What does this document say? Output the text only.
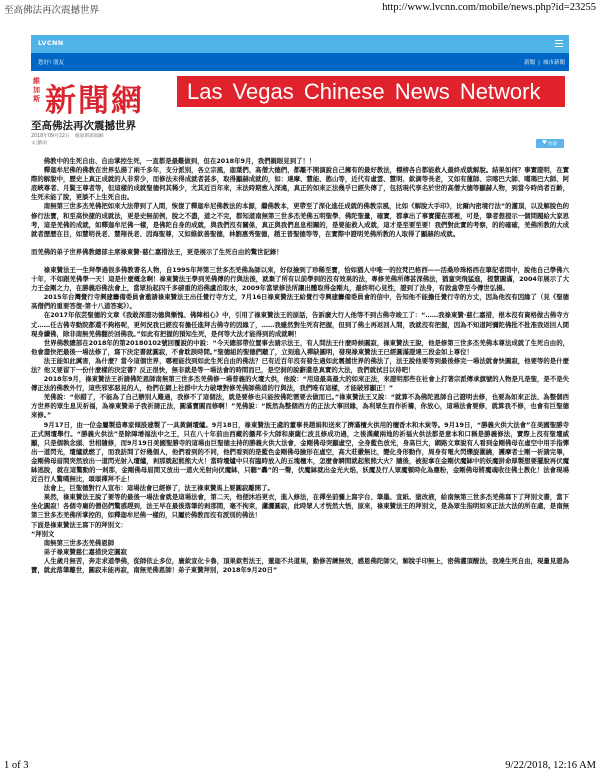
至高佛法再次震撼世界	http://www.lvcnn.com/mobile/news.php?id=23255
LVCNN
您好! 朋友	新聞 | 城市新聞
維加斯 新聞網 Las Vegas Chinese News Network
至高佛法再次震撼世界
2018年09月22日 維加斯新聞網
文:劉雨	♥ 收藏

佛教中的生死自由、自由掌控生死，一直都是最難做到，但在2018年9月，我們親眼見到了！！

釋迦牟尼佛的佛教在世界弘揚了兩千多年，支分派別，各立宗風，迦葉們、高僧大德們，都離不開演說自己擁有的最好教法，標榜各自都能救人最終成就解脫。結果如何？事實證明，在實際的解脫中，歷史上真正成就的人非常少，而修法未得成就者甚多，取得顯赫成就的，如：達摩、慧能、憨山等，近代有虛雲、慧明、欽滴等長老，又如有蓮師、宗喀巴大師、噶瑪巴大師、阿底峽尊者、月賢王尊者等，但這樣的成就聖德何其稀少，尤其近百年來，末法時期愈入深遠，真正的如來正法幾乎已經失傳了，包括現代享名於世的高僧大德等顯赫人物，到當今時尚者百齡，生死未能了脫，更談不上生死自由。

南無第三世多杰羌佛把如來大法帶到了人間，恢復了釋迦牟尼佛教法的本源，繼佛教本，更帶至了深化進任成就的佛教宗風，比如《解脫大手印》，比爾內密境行法”的灌頂，以及解脫色的修行法寶，和至高快捷的成就法，更是史無前例，脫之不盡，道之不完，都知道南無第三世多杰羌佛五明聖學、佛陀聖量，確實，都拿出了事實擺在那裡，可是，筆者想提示一個問題給大家思考，這是羌佛的成就，如釋迦牟尼佛一樣，是佛陀自身的成就，與我們沒有關係，真正與我們息息相關的，是要能救人成就，這才是至要至要！我們對此實的考察，的的確確，羌佛所教的大成就者歷歷在目，如慧明長老、慧翔長老、因海聖尊，又如維欽善聖德，林劉惠秀聖德，趙王普聖德等等，在實際中證明羌佛所教的人取得了顯赫的成就。

而羌佛的弟子世界佛教總部主席祿東贊·慈仁嘉措法王，更是展示了生死自由的驚世記錄！

祿東贊法王一生拜學過很多佛教著名人物，自1995年拜第三世多杰羌佛為師以來，好似撿到了珍稀至寶，恰如猶人中唯一的拉梵巴格西——活桑珍珠格西在筆記者問中，說他自己學佛六十年，不如跟羌佛學一天！這是什麼概念啊！祿東贊法王學到羌佛傳的行與法後，就棄了所有以前學到的沒有效果的法，專修羌佛所傳甚深佛法，猶童突飛猛進，提慧圓滿，2004年展示了大力王金剛之力，在勝義浴佛法會上，當眾抬起四千多磅重的浴佛盧泊取水，2009年當眾修法所讓出體取得金剛丸，最終明心見性，證到了法身，有敘盒帶至今傳世弘揚。

2015年台灣覺行寺興建籌備委員會邀請祿東贊法王出任覺行寺方丈，7月16日祿東贊法王給覺行寺興建籌備委員會的信中，告知他不能擔任覺行寺的方丈，因為他沒有因緣了（見《聖德高僧們的重要答復-第十八道答案》）。

在2017年依芸聖德的文章《我敢深證功德與慚愧、佛陣相心》中，引用了祿東贊法王的原話，告訴廣大行人他等不到古佛寺竣工了：“……我祿東贊·慈仁嘉措，根本沒有資格做古佛寺方丈……任古佛寺動院都還不夠格呢，更何況我已經沒有擔任進拜古佛寺的因緣了，……我雖然對生死有把握，但到了佛土再返回人間，我就沒有把握，因為不知道阿彌陀佛批不批准我返回人間現身續佛，除非南無羌佛翻於回佛我。”如此有把握的預知生死，是何等大法才能得到的成就啊！

世界佛教總部在2018年的第20180102號回覆說的中說：“今天總部帶位置事去請示法王，有人問法王什麼時候圓寂，祿東贊法王說，他是修第三世多杰羌佛本尊法成就了生死自由的，他會盡快把最後一場法修了，寫下決定書就圓寂，不會耽誤時間。”聖德組的聖德們聽了，立刻進入禪缺圓明，發現祿東贊法王已經圓滿證達三段金如上尊位！

法王能如此厲害，為什麼？當今這個世界，哪裡能找到如此生死自由的佛法？已有近百年沒有發生過如此震撼世界的佛法了，法王說他要等到最後修完一場法就會快圓寂，他要等的是什麼法？他又要留下一份什麼樣的決定書？反正很快，無非就是等一場法會的時間而已，是空洞的說辭還是真實的大法，我們就拭目以待吧！

2018年9月，祿東贊法王祈請佛陀恩師南無第三世多杰羌佛修一場普義的火壇大供，他說：“用這最高最大的如來正法，來證明那些在社會上打著宗派傳承旗號的人物是凡是聖，是不是失傳正法的佛教外行，這些邪邪惡見的人，他們在網上社群中大力破壞對修羌佛師佛道的行與法，我們唯有這樣，才能破邪顯正！”

羌佛說：“你錯了，不能為了自己辦別人難過，我修不了這個法，就是要修也只能按佛陀需要去做而已。”祿東贊法王又說：“就算不為佛陀恩師自己證明去修，也要為如來正法、為整個西方世界的眾生息災祈福，為祿東贊弟子我祈請正法，圓滿寶圓而修啊！”羌佛說：“既然為整個西方的正法大事回緣，為利眾生而作祈禱，你放心，這場法會要修，就算我不修，也會有巨聖德來修。”

9月17日，由一位金屬製造專家傾設建製了一具黃銅壇爐。9月18日，祿東贊法王處的董事長趙娟和送來了擠滿檀火供用的檀香木和木炭等。9月19日，“勝義火供大法會”在美國聖勝寺正式開壇舉行。“勝義火供法”是除障增福法中之王，只在八十年前由西藏的攝邦卡大師和康薩仁波且修成功過，之後漢藏兩地的祈福火供法都是意本和口稱是勝義修法，實際上沒有聖壇威顯，只是個執念頭、世相隨修，而9月19日美國聖勝寺的這場由巨聖德主持的勝義火供大法會，金剛佛母突顯虛空，全身藍色放光，身高巨大，網路文章說有人看到金剛佛母在虛空中用手指彈出一道閃光，壇爐就燃了，而我訪問了好幾個人，他們看到的不同，他們看到的是藍色金剛佛母臉形在虛空，高大莊嚴無比，變化身形動作，周身有電火閃爍旋圍繞，護摩者士剛一祈請完畢，金剛佛母眉間突然放出一道閃光射入壇爐，剎那就起熊熊大火！當時壇爐中只有臨時放入的五塊檀木，怎麼會瞬間就起熊熊大火？隨後，被捉拿在金剛伏魔缽中的妖魔拼命厚製想要擺脫再伏魔缽逃脫，就在這驚動的一剎那，金剛佛母眉間又放出一道火光射向伏魔缽，只聽“轟”的一聲，伏魔缽就出金光火焰，妖魔及行人眾魔頓時化為塵粉，金剛佛母將魔魂收往佛土教化！法會現場近百行人驚嘆無比，頌頌禪拜不止！

法會上，巨聖德對行人宣布：這場法會已經修了，法王祿東贊馬上要圓寂離開了。

果然，祿東贊法王說了要等的最後一場法會就是這場法會，第二天，他便沐浴更衣，進入修法，在禪坐前彌上寫字台、筆墨、宣紙、塗改液，給南無第三世多杰羌佛寫下了拜別文書，當下坐化圓寂！各個寺廟的僧侶們驚惑趕到，法王早在最後落筆的剎那間，毫不拘束，瀟灑圓寂，此時眾人才恍然大悟，原來，祿東贊法王的拜別文，是為眾生指明如來正法大法的所在處，是南無第三世多杰羌佛所掌控的，如釋迦牟尼佛一樣的，只屬於佛教而沒有派別的佛法！

下面是祿東贊法王寫下的拜別文：

“拜別文

南無第三世多杰羌佛恩師

弟子祿東贊慈仁嘉措決定圓寂

人生歲月無苦，奔走求道學佛，從師依止多位，廣欽宣化卡魯，頂果欽哲法王，蓮迦不共道果，勤修苦練無效，感恩佛陀師父，解脫手印無上，密佛灌頂醍法，我達生死自由，現量見證為寶，就此落筆離世，圓寂未能再寂，南無羌佛恩師！弟子東贊拜別，2018年9月20日”

1 of 3	9/22/2018, 12:16 AM
